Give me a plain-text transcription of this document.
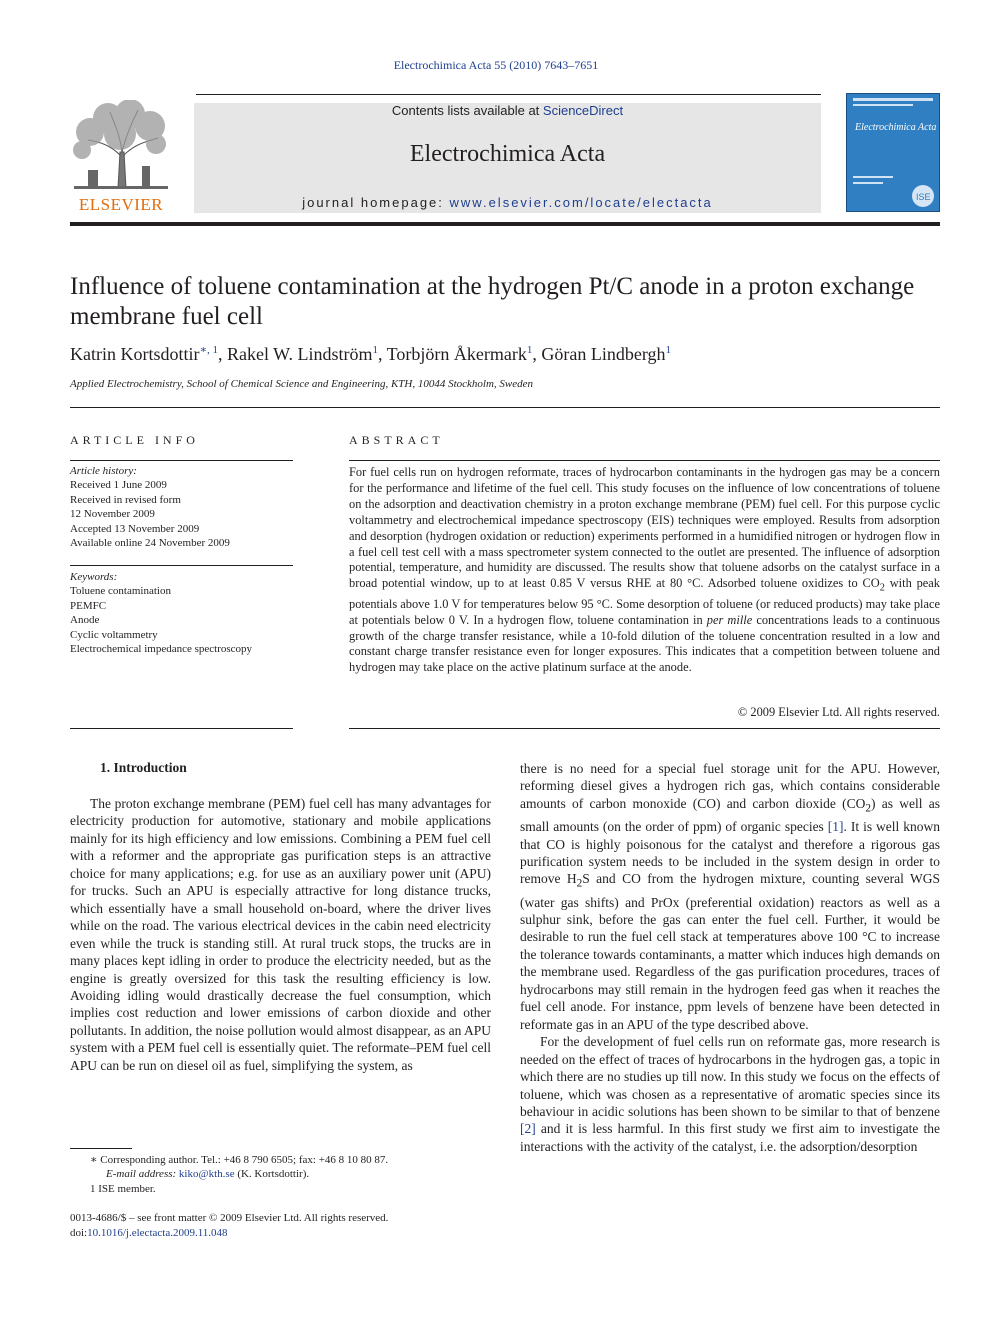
Electrochimica Acta 55 (2010) 7643–7651
ELSEVIER
Contents lists available at ScienceDirect
Electrochimica Acta
journal homepage: www.elsevier.com/locate/electacta
Electrochimica Acta
ISE
Influence of toluene contamination at the hydrogen Pt/C anode in a proton exchange membrane fuel cell
Katrin Kortsdottir$^{∗, 1}$, Rakel W. Lindström$^1$, Torbjörn Åkermark$^1$, Göran Lindbergh$^1$
Applied Electrochemistry, School of Chemical Science and Engineering, KTH, 10044 Stockholm, Sweden
ARTICLE INFO
Article history:
Received 1 June 2009
Received in revised form
12 November 2009
Accepted 13 November 2009
Available online 24 November 2009
Keywords:
Toluene contamination
PEMFC
Anode
Cyclic voltammetry
Electrochemical impedance spectroscopy
ABSTRACT
For fuel cells run on hydrogen reformate, traces of hydrocarbon contaminants in the hydrogen gas may be a concern for the performance and lifetime of the fuel cell. This study focuses on the influence of low concentrations of toluene on the adsorption and deactivation chemistry in a proton exchange membrane (PEM) fuel cell. For this purpose cyclic voltammetry and electrochemical impedance spectroscopy (EIS) techniques were employed. Results from adsorption and desorption (hydrogen oxidation or reduction) experiments performed in a humidified nitrogen or hydrogen flow in a fuel cell test cell with a mass spectrometer system connected to the outlet are presented. The influence of adsorption potential, temperature, and humidity are discussed. The results show that toluene adsorbs on the catalyst surface in a broad potential window, up to at least 0.85 V versus RHE at 80 °C. Adsorbed toluene oxidizes to $CO_2$ with peak potentials above 1.0 V for temperatures below 95 °C. Some desorption of toluene (or reduced products) may take place at potentials below 0 V. In a hydrogen flow, toluene contamination in per mille concentrations leads to a continuous growth of the charge transfer resistance, while a 10-fold dilution of the toluene concentration resulted in a low and constant charge transfer resistance even for longer exposures. This indicates that a competition between toluene and hydrogen may take place on the active platinum surface at the anode.
© 2009 Elsevier Ltd. All rights reserved.
1. Introduction

The proton exchange membrane (PEM) fuel cell has many advantages for electricity production for automotive, stationary and mobile applications mainly for its high efficiency and low emissions. Combining a PEM fuel cell with a reformer and the appropriate gas purification steps is an attractive choice for many applications; e.g. for use as an auxiliary power unit (APU) for trucks. Such an APU is especially attractive for long distance trucks, which essentially have a small household on-board, where the driver lives while on the road. The various electrical devices in the cabin need electricity even while the truck is standing still. At rural truck stops, the trucks are in many places kept idling in order to produce the electricity needed, but as the engine is greatly oversized for this task the resulting efficiency is low. Avoiding idling would drastically decrease the fuel consumption, which implies cost reduction and lower emissions of carbon dioxide and other pollutants. In addition, the noise pollution would almost disappear, as an APU system with a PEM fuel cell is essentially quiet. The reformate–PEM fuel cell APU can be run on diesel oil as fuel, simplifying the system, as

there is no need for a special fuel storage unit for the APU. However, reforming diesel gives a hydrogen rich gas, which contains considerable amounts of carbon monoxide (CO) and carbon dioxide $(CO_2)$ as well as small amounts (on the order of ppm) of organic species [1]. It is well known that CO is highly poisonous for the catalyst and therefore a rigorous gas purification system needs to be included in the system design in order to remove $H_2S$ and CO from the hydrogen mixture, counting several WGS (water gas shifts) and PrOx (preferential oxidation) reactors as well as a sulphur sink, before the gas can enter the fuel cell. Further, it would be desirable to run the fuel cell stack at temperatures above 100 °C to increase the tolerance towards contaminants, a matter which induces high demands on the membrane used. Regardless of the gas purification procedures, traces of hydrocarbons may still remain in the hydrogen feed gas when it reaches the fuel cell anode. For instance, ppm levels of benzene have been detected in reformate gas in an APU of the type described above.

For the development of fuel cells run on reformate gas, more research is needed on the effect of traces of hydrocarbons in the hydrogen gas, a topic in which there are no studies up till now. In this study we focus on the effects of toluene, which was chosen as a representative of aromatic species since its behaviour in acidic solutions has been shown to be similar to that of benzene [2] and it is less harmful. In this first study we first aim to investigate the interactions with the activity of the catalyst, i.e. the adsorption/desorption

∗ Corresponding author. Tel.: +46 8 790 6505; fax: +46 8 10 80 87.
E-mail address: kiko@kth.se (K. Kortsdottir).
1 ISE member.
0013-4686/$ – see front matter © 2009 Elsevier Ltd. All rights reserved.
doi:10.1016/j.electacta.2009.11.048
